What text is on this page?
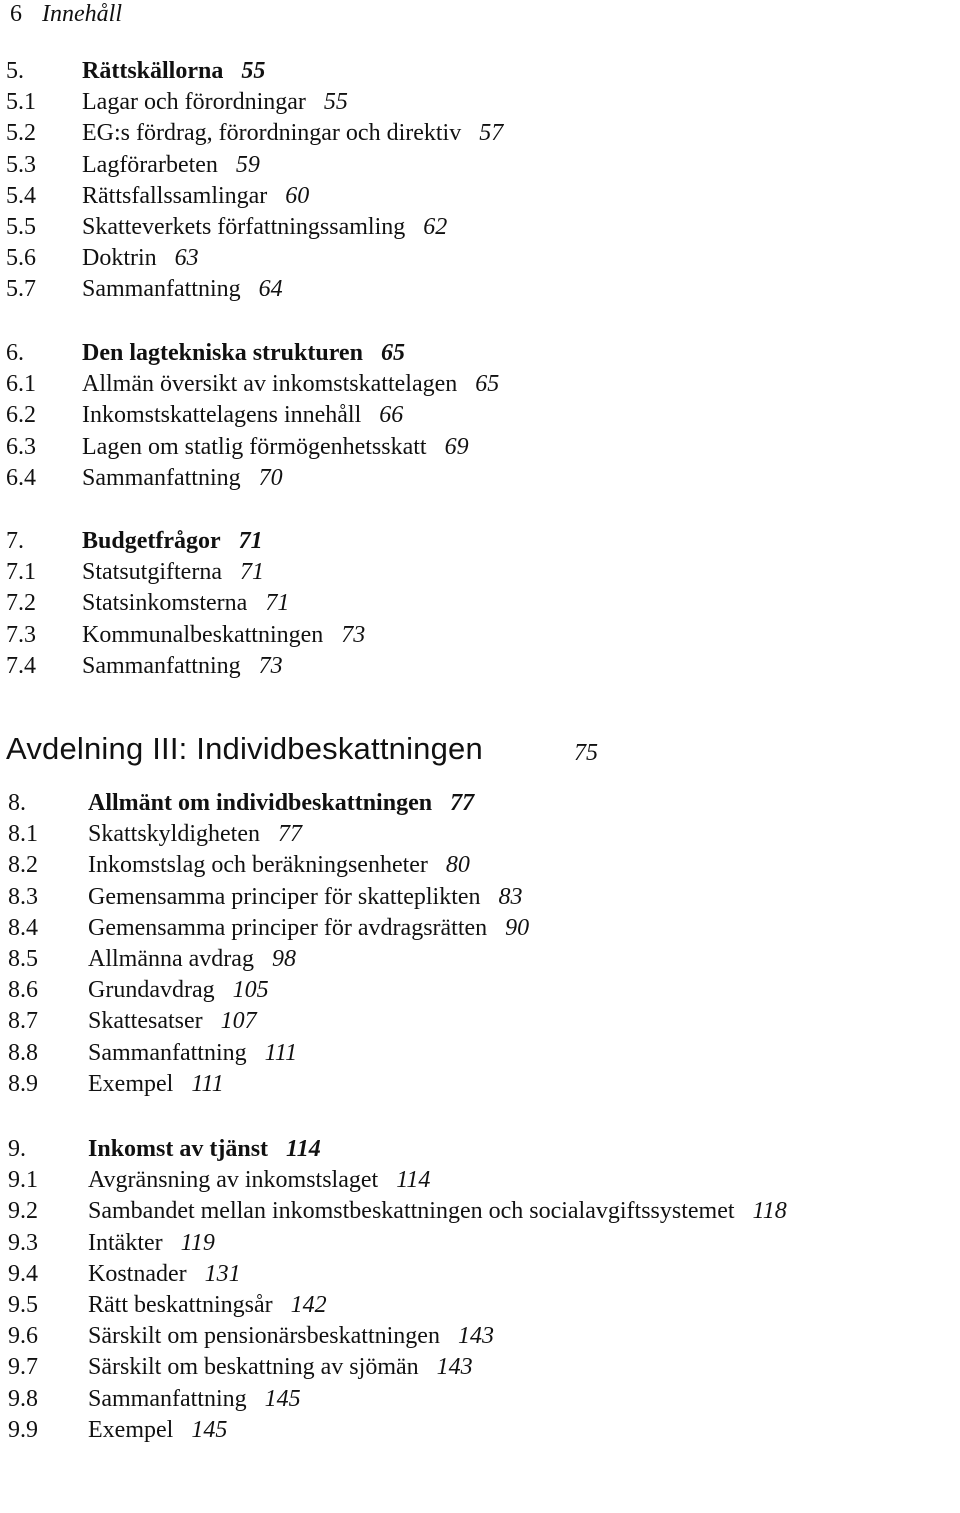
6 Innehåll
5. Rättskällorna 55
5.1 Lagar och förordningar 55
5.2 EG:s fördrag, förordningar och direktiv 57
5.3 Lagförarbeten 59
5.4 Rättsfallssamlingar 60
5.5 Skatteverkets författningssamling 62
5.6 Doktrin 63
5.7 Sammanfattning 64
6. Den lagtekniska strukturen 65
6.1 Allmän översikt av inkomstskattelagen 65
6.2 Inkomstskattelagens innehåll 66
6.3 Lagen om statlig förmögenhetsskatt 69
6.4 Sammanfattning 70
7. Budgetfrågor 71
7.1 Statsutgifterna 71
7.2 Statsinkomsterna 71
7.3 Kommunalbeskattningen 73
7.4 Sammanfattning 73
Avdelning III: Individbeskattningen	75
8.	Allmänt om individbeskattningen 77
8.1 Skattskyldigheten 77
8.2 Inkomstslag och beräkningsenheter 80
8.3 Gemensamma principer för skatteplikten 83
8.4 Gemensamma principer för avdragsrätten 90
8.5 Allmänna avdrag 98
8.6 Grundavdrag 105
8.7 Skattesatser 107
8.8 Sammanfattning 111
8.9 Exempel 111
9.	Inkomst av tjänst 114
9.1 Avgränsning av inkomstslaget 114
9.2 Sambandet mellan inkomstbeskattningen och socialavgiftssystemet 118
9.3 Intäkter 119
9.4 Kostnader 131
9.5 Rätt beskattningsår 142
9.6 Särskilt om pensionärsbeskattningen 143
9.7 Särskilt om beskattning av sjömän 143
9.8 Sammanfattning 145
9.9 Exempel 145
